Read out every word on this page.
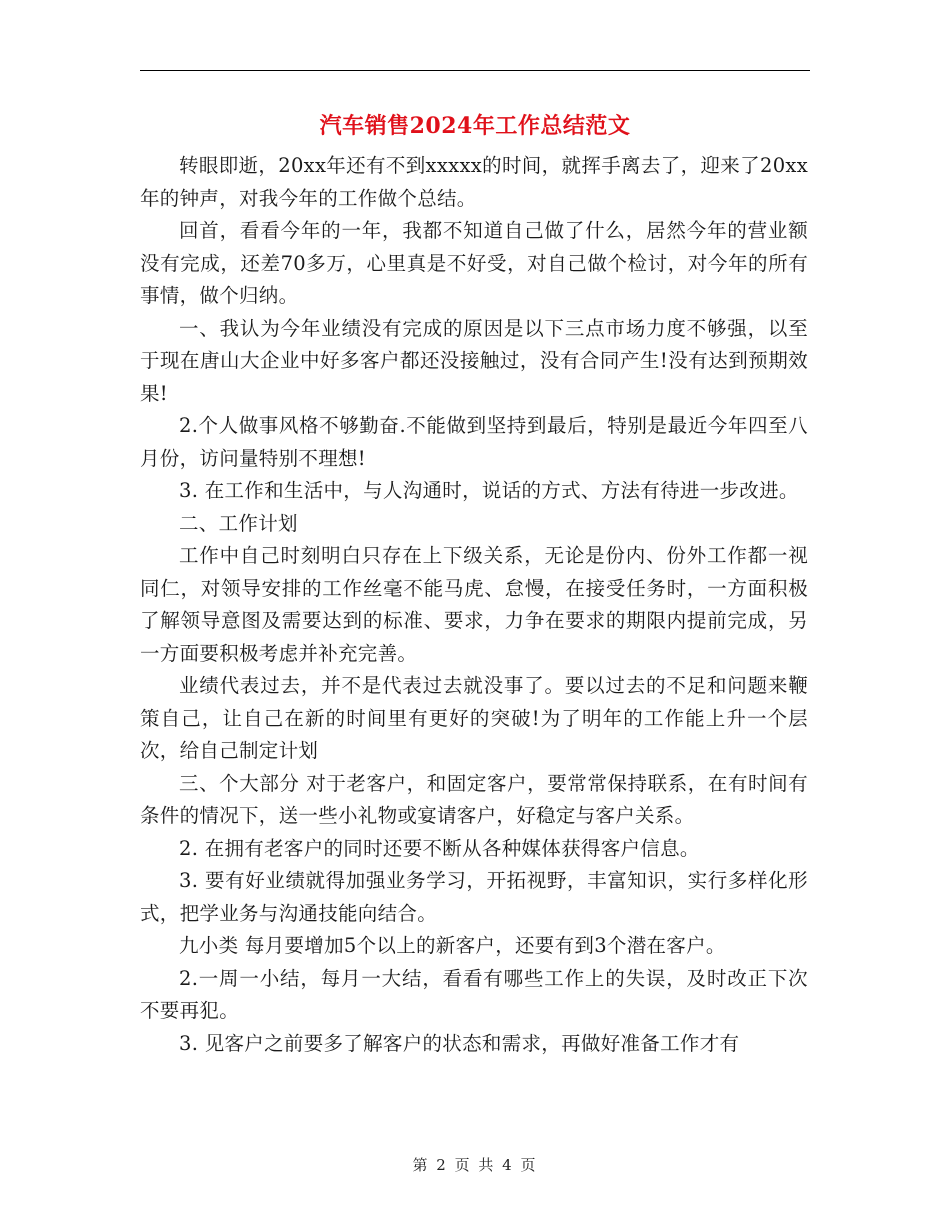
汽车销售2024年工作总结范文

转眼即逝，20xx年还有不到xxxxx的时间，就挥手离去了，迎来了20xx年的钟声，对我今年的工作做个总结。

回首，看看今年的一年，我都不知道自己做了什么，居然今年的营业额没有完成，还差70多万，心里真是不好受，对自己做个检讨，对今年的所有事情，做个归纳。

一、我认为今年业绩没有完成的原因是以下三点市场力度不够强，以至于现在唐山大企业中好多客户都还没接触过，没有合同产生!没有达到预期效果!

2.个人做事风格不够勤奋.不能做到坚持到最后，特别是最近今年四至八月份，访问量特别不理想!

3. 在工作和生活中，与人沟通时，说话的方式、方法有待进一步改进。

二、工作计划

工作中自己时刻明白只存在上下级关系，无论是份内、份外工作都一视同仁，对领导安排的工作丝毫不能马虎、怠慢，在接受任务时，一方面积极了解领导意图及需要达到的标准、要求，力争在要求的期限内提前完成，另一方面要积极考虑并补充完善。

业绩代表过去，并不是代表过去就没事了。要以过去的不足和问题来鞭策自己，让自己在新的时间里有更好的突破!为了明年的工作能上升一个层次，给自己制定计划

三、个大部分 对于老客户，和固定客户，要常常保持联系，在有时间有条件的情况下，送一些小礼物或宴请客户，好稳定与客户关系。

2. 在拥有老客户的同时还要不断从各种媒体获得客户信息。

3. 要有好业绩就得加强业务学习，开拓视野，丰富知识，实行多样化形式，把学业务与沟通技能向结合。

九小类 每月要增加5个以上的新客户，还要有到3个潜在客户。

2.一周一小结，每月一大结，看看有哪些工作上的失误，及时改正下次不要再犯。

3. 见客户之前要多了解客户的状态和需求，再做好准备工作才有

第 2 页 共 4 页
